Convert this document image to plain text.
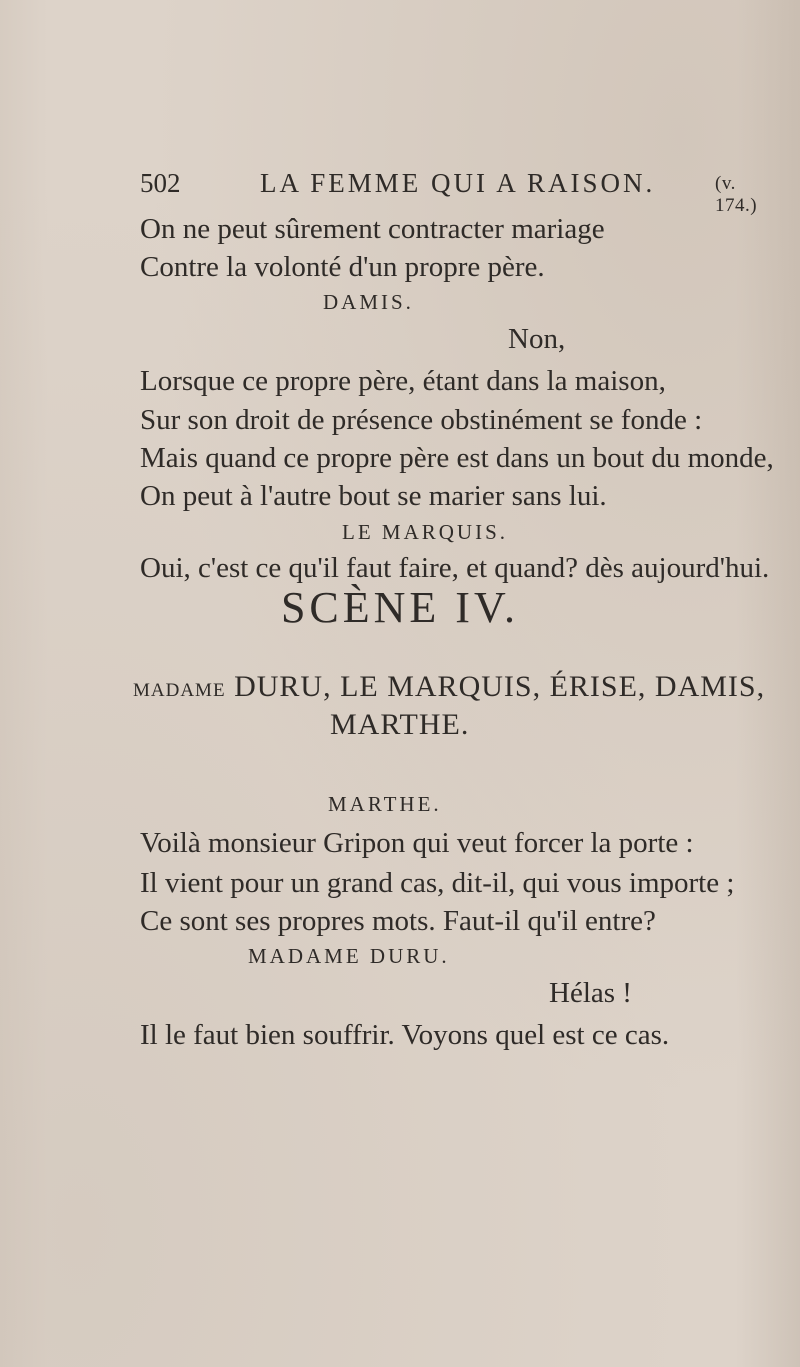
502	LA FEMME QUI A RAISON.	(v. 174.)
On ne peut sûrement contracter mariage
Contre la volonté d'un propre père.
DAMIS.
Non,
Lorsque ce propre père, étant dans la maison,
Sur son droit de présence obstinément se fonde :
Mais quand ce propre père est dans un bout du monde,
On peut à l'autre bout se marier sans lui.
LE MARQUIS.
Oui, c'est ce qu'il faut faire, et quand? dès aujourd'hui.
SCÈNE IV.
MADAME DURU, LE MARQUIS, ÉRISE, DAMIS,
MARTHE.
MARTHE.
Voilà monsieur Gripon qui veut forcer la porte :
Il vient pour un grand cas, dit-il, qui vous importe ;
Ce sont ses propres mots. Faut-il qu'il entre?
MADAME DURU.
Hélas !
Il le faut bien souffrir. Voyons quel est ce cas.
